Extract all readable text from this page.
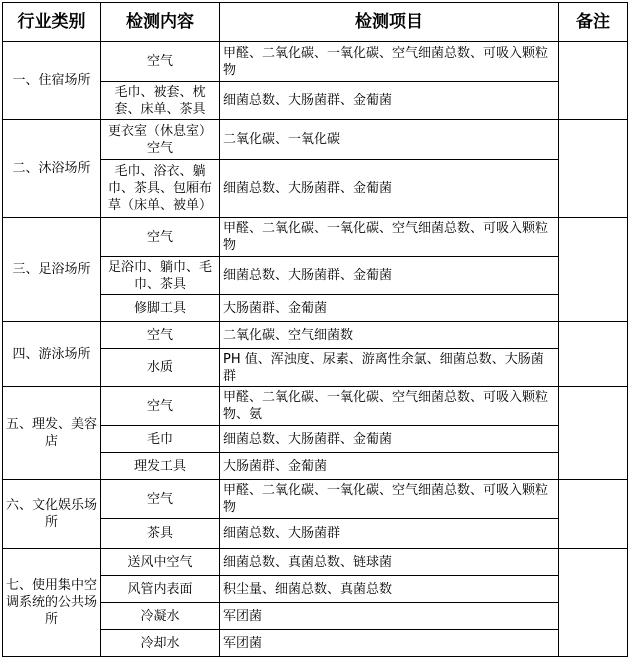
行业类别	检测内容	检测项目	备注
一、住宿场所	空气	甲醛、二氧化碳、一氧化碳、空气细菌总数、可吸入颗粒物	
	毛巾、被套、枕套、床单、茶具	细菌总数、大肠菌群、金葡菌	
二、沐浴场所	更衣室（休息室）空气	二氧化碳、一氧化碳	
	毛巾、浴衣、躺巾、茶具、包厢布草（床单、被单）	细菌总数、大肠菌群、金葡菌	
三、足浴场所	空气	甲醛、二氧化碳、一氧化碳、空气细菌总数、可吸入颗粒物	
	足浴巾、躺巾、毛巾、茶具	细菌总数、大肠菌群、金葡菌	
	修脚工具	大肠菌群、金葡菌	
四、游泳场所	空气	二氧化碳、空气细菌数	
	水质	PH 值、浑浊度、尿素、游离性余氯、细菌总数、大肠菌群	
五、理发、美容店	空气	甲醛、二氧化碳、一氧化碳、空气细菌总数、可吸入颗粒物、氨	
	毛巾	细菌总数、大肠菌群、金葡菌	
	理发工具	大肠菌群、金葡菌	
六、文化娱乐场所	空气	甲醛、二氧化碳、一氧化碳、空气细菌总数、可吸入颗粒物	
	茶具	细菌总数、大肠菌群	
七、使用集中空调系统的公共场所	送风中空气	细菌总数、真菌总数、链球菌	
	风管内表面	积尘量、细菌总数、真菌总数	
	冷凝水	军团菌	
	冷却水	军团菌	
